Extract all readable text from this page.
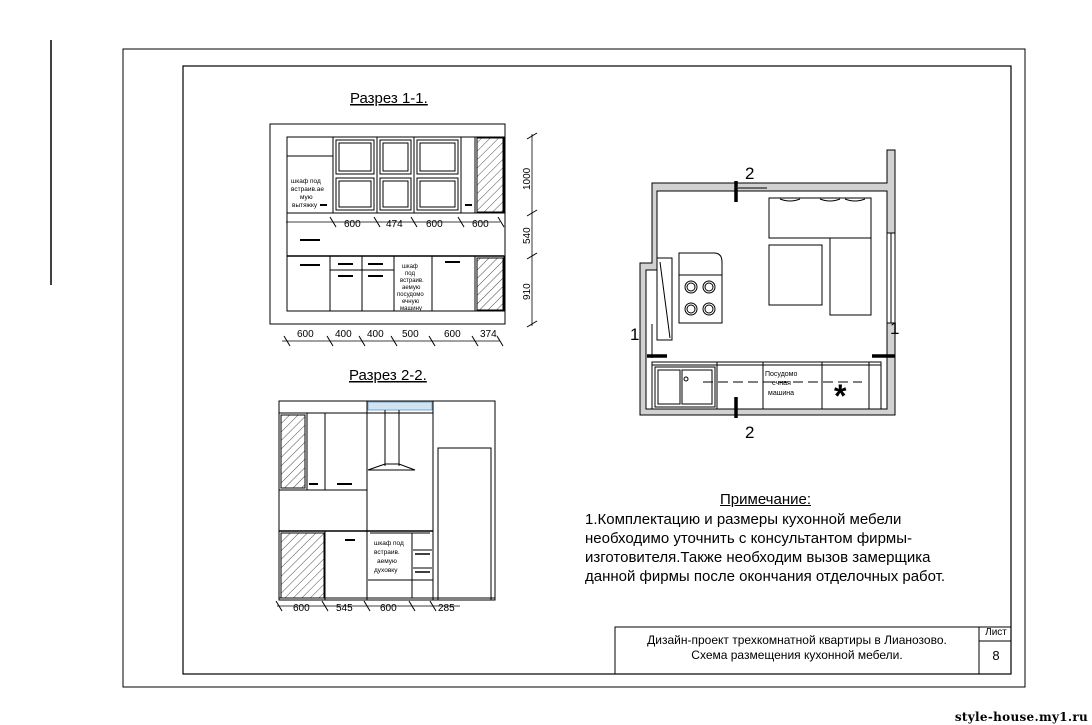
Разрез 1-1.
Разрез 2-2.
600	474 600	600
600 400 400 500	600 374
1000
540
910
шкаф под
встраив.ае
мую
вытяжку
шкаф
под
встраив.
аемую
посудомо
ечную
машину
600	545	600	285
шкаф под
встраив.
аемую
духовку
2
2
1	1
Посудомо
ечная
машина *
Примечание:
1.Комплектацию и размеры кухонной мебели
необходимо уточнить с консультантом фирмы-
изготовителя.Также необходим вызов замерщика
данной фирмы после окончания отделочных работ.
Дизайн-проект трехкомнатной квартиры в Лианозово.
Схема размещения кухонной мебели.
Лист
8
style-house.my1.ru
